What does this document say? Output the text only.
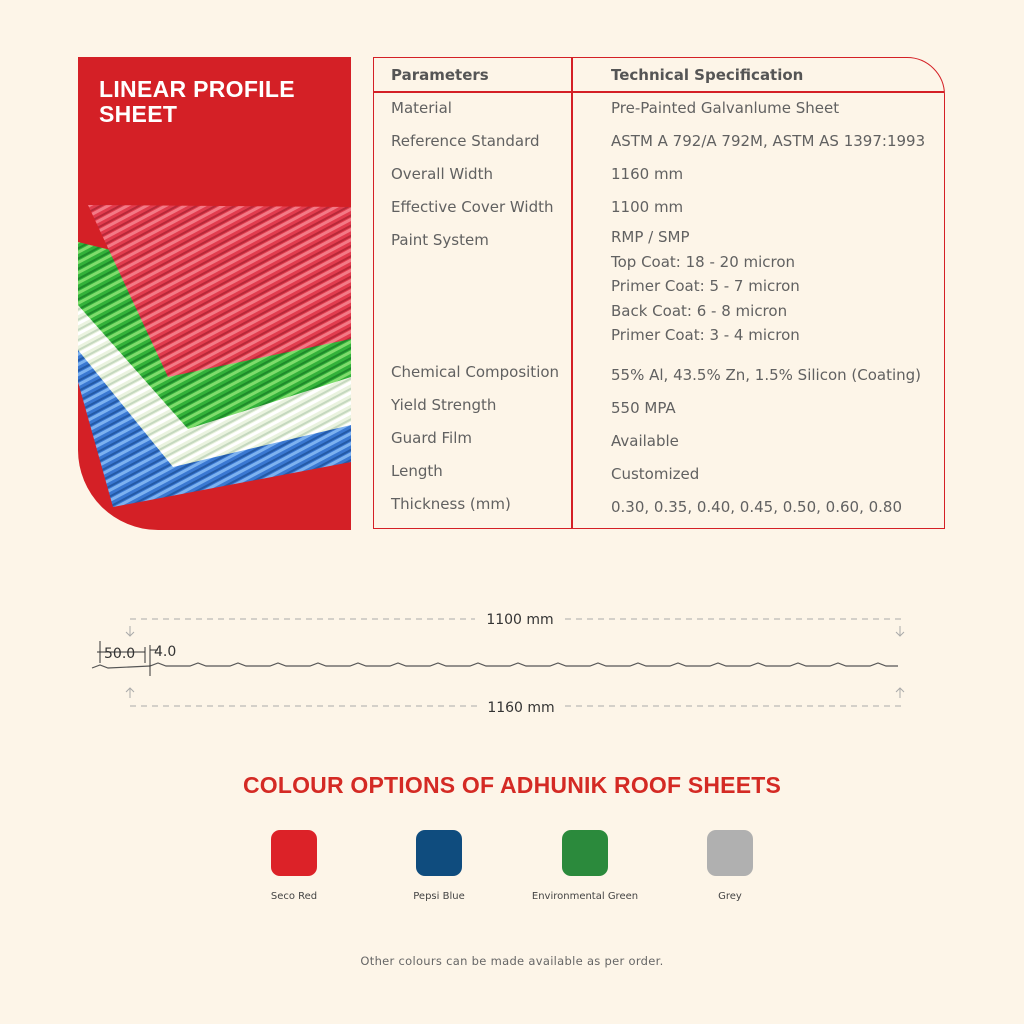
LINEAR PROFILE SHEET
Parameters	Technical Specification
Material	Pre-Painted Galvanlume Sheet
Reference Standard	ASTM A 792/A 792M, ASTM AS 1397:1993
Overall Width	1160 mm
Effective Cover Width	1100 mm
Paint System	RMP / SMP
Top Coat: 18 - 20 micron
Primer Coat: 5 - 7 micron
Back Coat: 6 - 8 micron
Primer Coat: 3 - 4 micron
Chemical Composition	55% Al, 43.5% Zn, 1.5% Silicon (Coating)
Yield Strength	550 MPA
Guard Film	Available
Length	Customized
Thickness (mm)	0.30, 0.35, 0.40, 0.45, 0.50, 0.60, 0.80
1100 mm
1160 mm
50.0 4.0
COLOUR OPTIONS OF ADHUNIK ROOF SHEETS
Seco Red	Pepsi Blue	Environmental Green	Grey
Other colours can be made available as per order.
